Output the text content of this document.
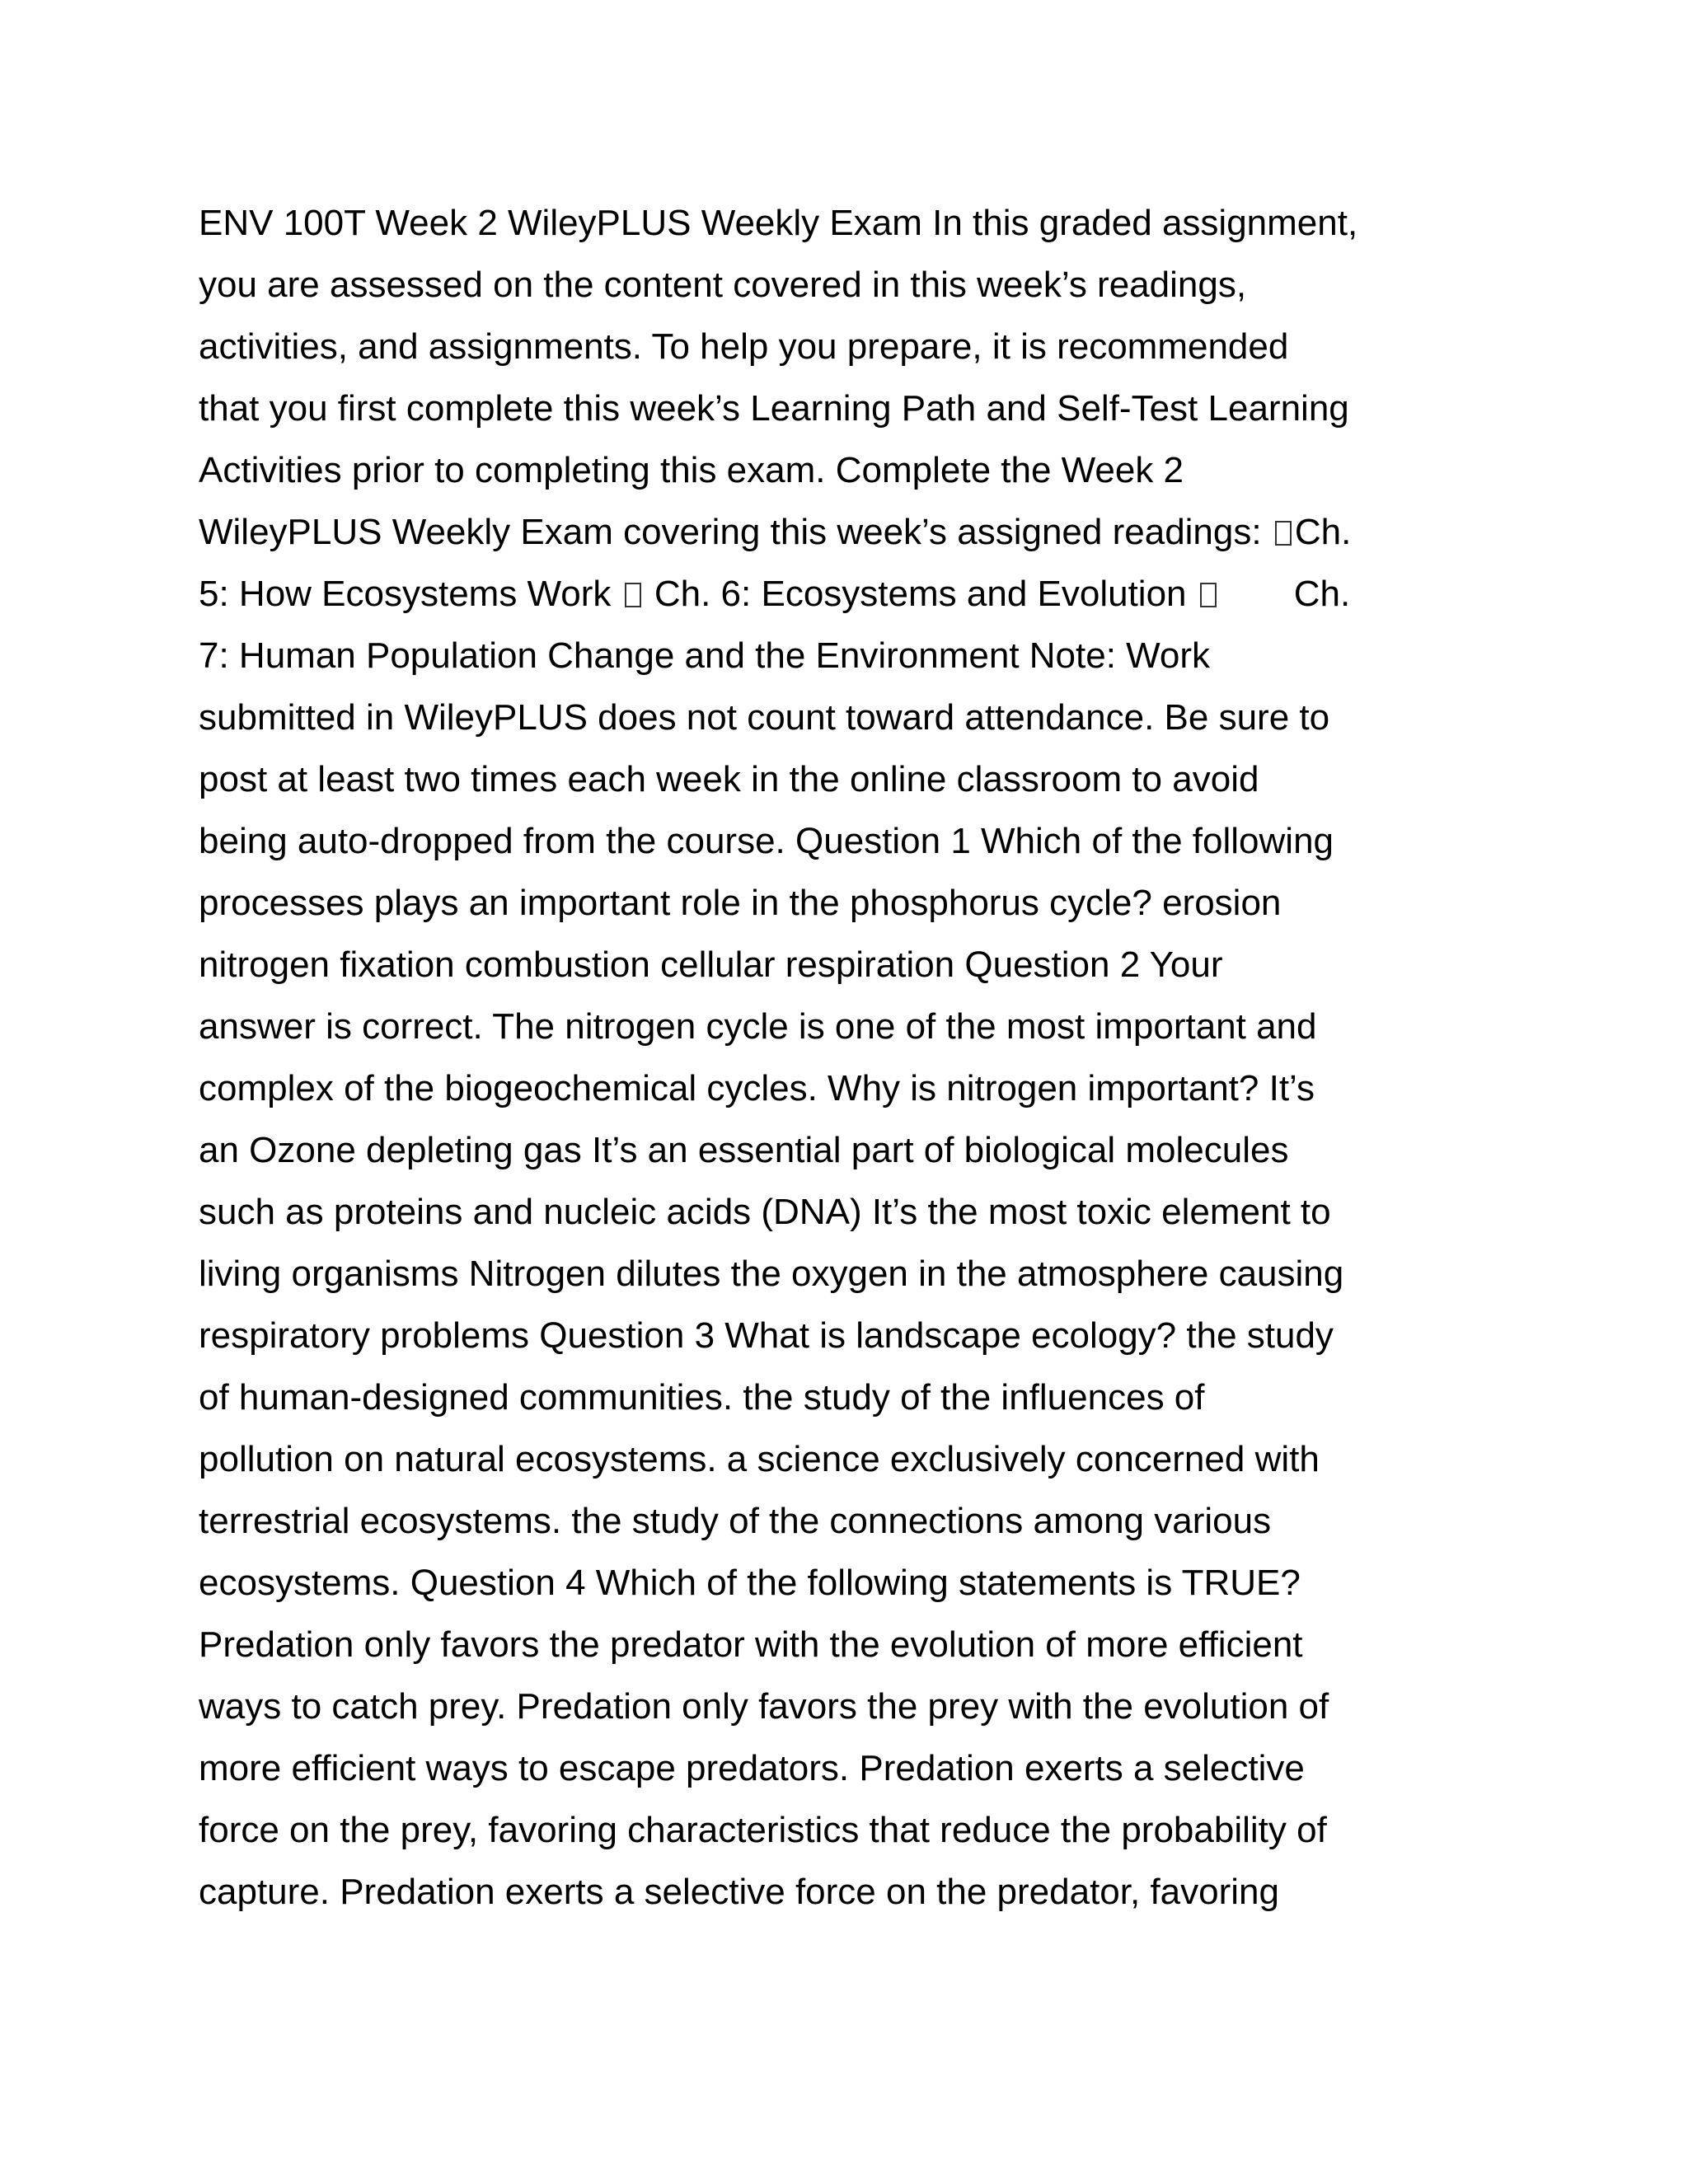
ENV 100T Week 2 WileyPLUS Weekly Exam In this graded assignment,
you are assessed on the content covered in this week’s readings,
activities, and assignments. To help you prepare, it is recommended
that you first complete this week’s Learning Path and Self-Test Learning
Activities prior to completing this exam. Complete the Week 2
WileyPLUS Weekly Exam covering this week’s assigned readings: Ch.
5: How Ecosystems Work  Ch. 6: Ecosystems and Evolution	Ch.
7: Human Population Change and the Environment Note: Work
submitted in WileyPLUS does not count toward attendance. Be sure to
post at least two times each week in the online classroom to avoid
being auto-dropped from the course. Question 1 Which of the following
processes plays an important role in the phosphorus cycle? erosion
nitrogen fixation combustion cellular respiration Question 2 Your
answer is correct. The nitrogen cycle is one of the most important and
complex of the biogeochemical cycles. Why is nitrogen important? It’s
an Ozone depleting gas It’s an essential part of biological molecules
such as proteins and nucleic acids (DNA) It’s the most toxic element to
living organisms Nitrogen dilutes the oxygen in the atmosphere causing
respiratory problems Question 3 What is landscape ecology? the study
of human-designed communities. the study of the influences of
pollution on natural ecosystems. a science exclusively concerned with
terrestrial ecosystems. the study of the connections among various
ecosystems. Question 4 Which of the following statements is TRUE?
Predation only favors the predator with the evolution of more efficient
ways to catch prey. Predation only favors the prey with the evolution of
more efficient ways to escape predators. Predation exerts a selective
force on the prey, favoring characteristics that reduce the probability of
capture. Predation exerts a selective force on the predator, favoring
